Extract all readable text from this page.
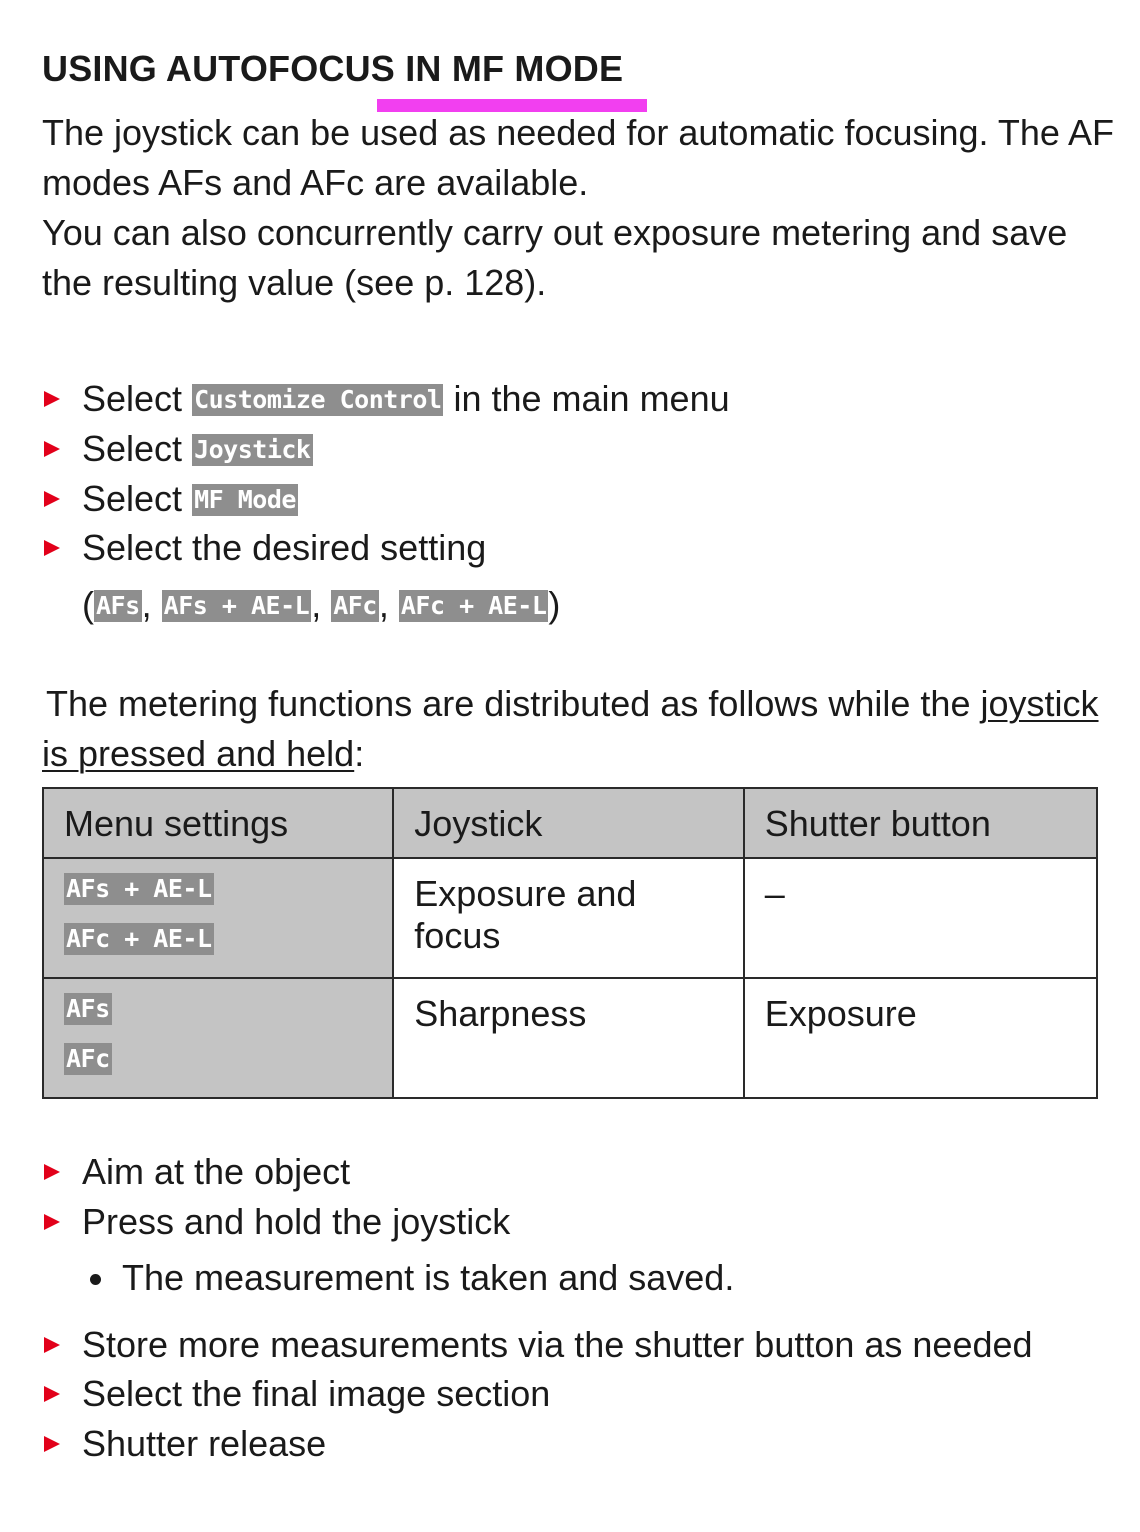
USING AUTOFOCUS IN MF MODE

The joystick can be used as needed for automatic focusing. The AF

modes AFs and AFc are available.

You can also concurrently carry out exposure metering and save

the resulting value (see p. 128).

Select Customize Control in the main menu
Select Joystick
Select MF Mode
Select the desired setting
(AFs, AFs + AE-L, AFc, AFc + AE-L)

The metering functions are distributed as follows while the joystick

is pressed and held:

Menu settings	Joystick	Shutter button

AFs + AE-L
AFc + AE-L	Exposure and focus	–

AFs
AFc	Sharpness	Exposure
Aim at the object
Press and hold the joystick
The measurement is taken and saved.
Store more measurements via the shutter button as needed
Select the final image section
Shutter release
